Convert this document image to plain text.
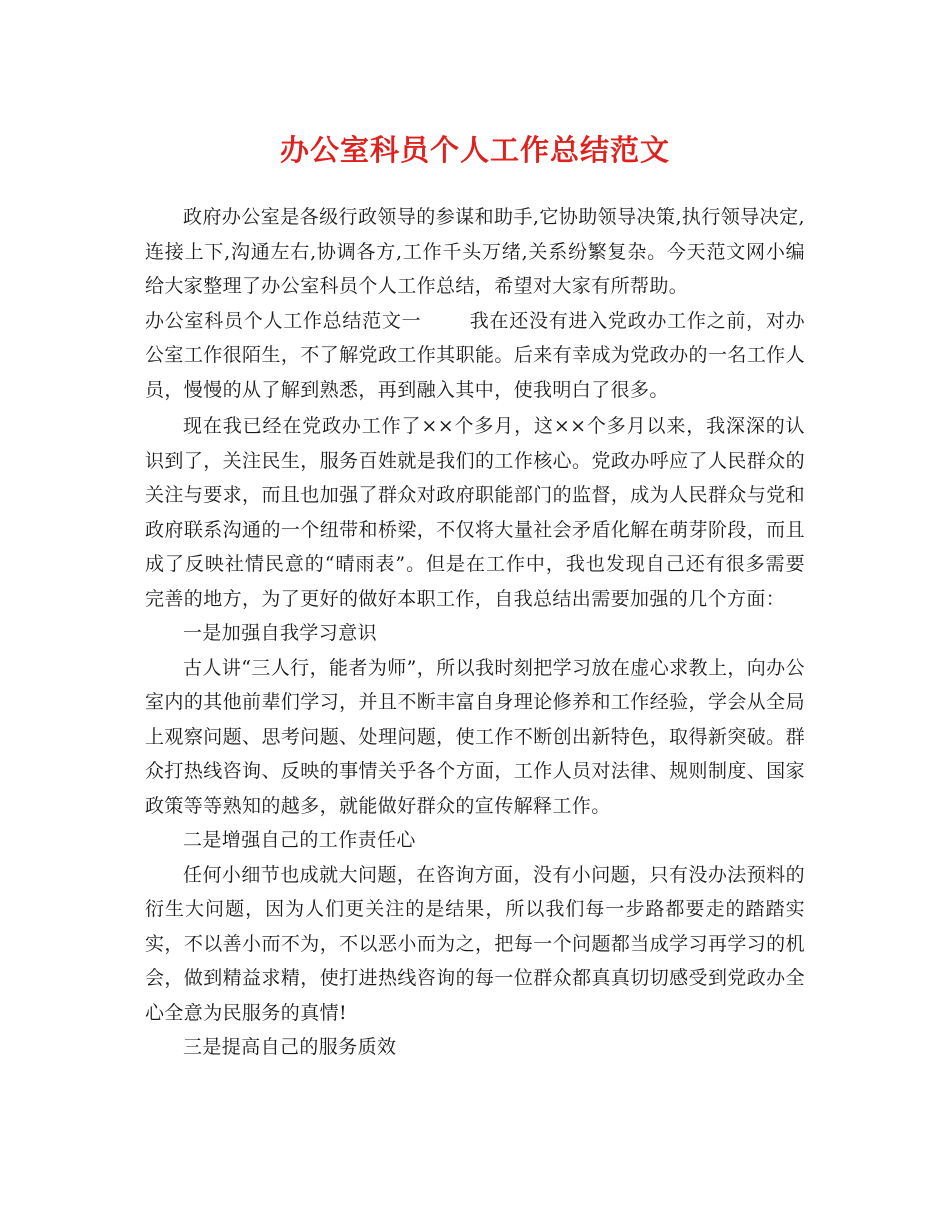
办公室科员个人工作总结范文

政府办公室是各级行政领导的参谋和助手,它协助领导决策,执行领导决定,连接上下,沟通左右,协调各方,工作千头万绪,关系纷繁复杂。今天范文网小编给大家整理了办公室科员个人工作总结，希望对大家有所帮助。

办公室科员个人工作总结范文一	我在还没有进入党政办工作之前，对办公室工作很陌生，不了解党政工作其职能。后来有幸成为党政办的一名工作人员，慢慢的从了解到熟悉，再到融入其中，使我明白了很多。

现在我已经在党政办工作了××个多月，这××个多月以来，我深深的认识到了，关注民生，服务百姓就是我们的工作核心。党政办呼应了人民群众的关注与要求，而且也加强了群众对政府职能部门的监督，成为人民群众与党和政府联系沟通的一个纽带和桥梁，不仅将大量社会矛盾化解在萌芽阶段，而且成了反映社情民意的“晴雨表”。但是在工作中，我也发现自己还有很多需要完善的地方，为了更好的做好本职工作，自我总结出需要加强的几个方面：

一是加强自我学习意识

古人讲“三人行，能者为师”，所以我时刻把学习放在虚心求教上，向办公室内的其他前辈们学习，并且不断丰富自身理论修养和工作经验，学会从全局上观察问题、思考问题、处理问题，使工作不断创出新特色，取得新突破。群众打热线咨询、反映的事情关乎各个方面，工作人员对法律、规则制度、国家政策等等熟知的越多，就能做好群众的宣传解释工作。

二是增强自己的工作责任心

任何小细节也成就大问题，在咨询方面，没有小问题，只有没办法预料的衍生大问题，因为人们更关注的是结果，所以我们每一步路都要走的踏踏实实，不以善小而不为，不以恶小而为之，把每一个问题都当成学习再学习的机会，做到精益求精，使打进热线咨询的每一位群众都真真切切感受到党政办全心全意为民服务的真情!

三是提高自己的服务质效
